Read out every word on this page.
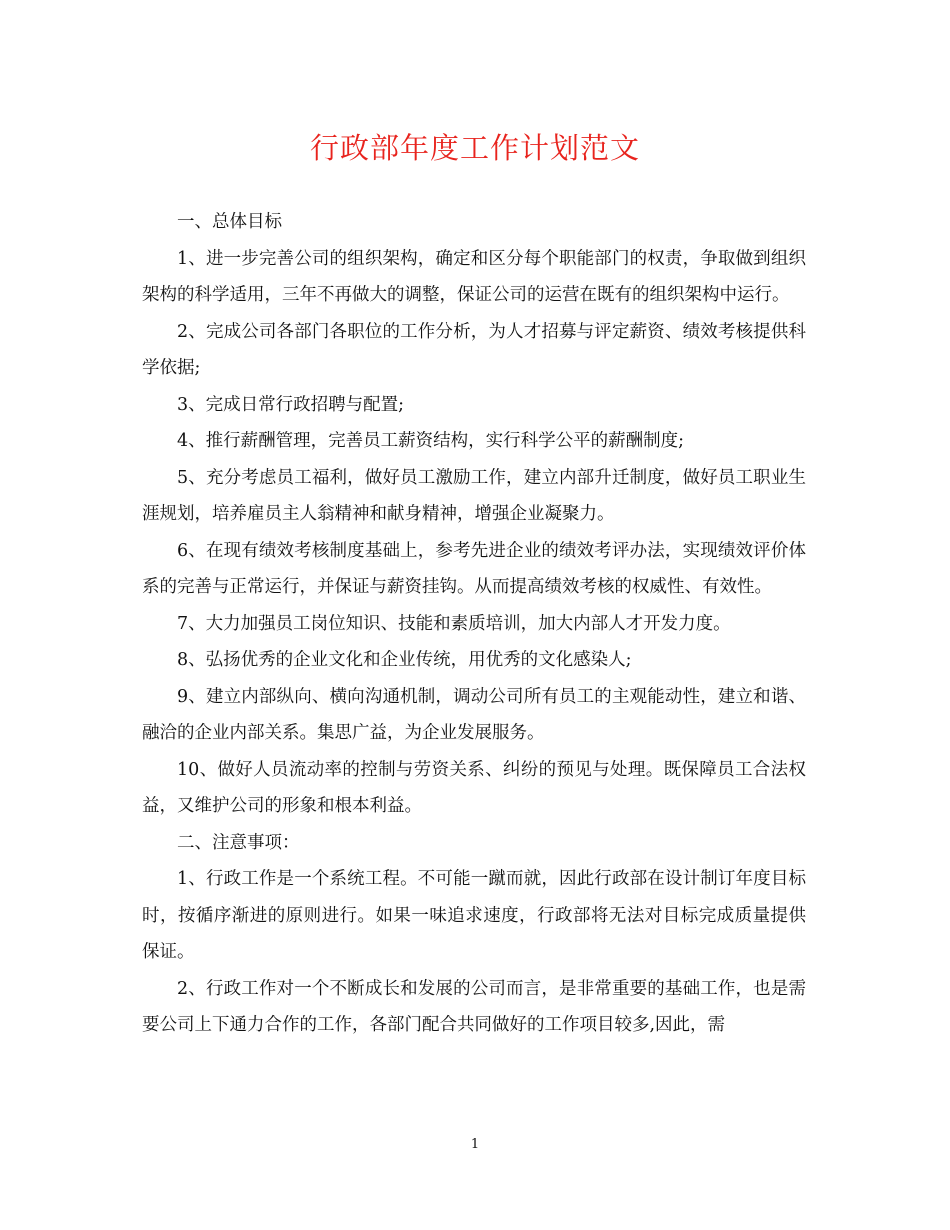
行政部年度工作计划范文

一、总体目标

1、进一步完善公司的组织架构，确定和区分每个职能部门的权责，争取做到组织架构的科学适用，三年不再做大的调整，保证公司的运营在既有的组织架构中运行。

2、完成公司各部门各职位的工作分析，为人才招募与评定薪资、绩效考核提供科学依据;

3、完成日常行政招聘与配置;

4、推行薪酬管理，完善员工薪资结构，实行科学公平的薪酬制度;

5、充分考虑员工福利，做好员工激励工作，建立内部升迁制度，做好员工职业生涯规划，培养雇员主人翁精神和献身精神，增强企业凝聚力。

6、在现有绩效考核制度基础上，参考先进企业的绩效考评办法，实现绩效评价体系的完善与正常运行，并保证与薪资挂钩。从而提高绩效考核的权威性、有效性。

7、大力加强员工岗位知识、技能和素质培训，加大内部人才开发力度。

8、弘扬优秀的企业文化和企业传统，用优秀的文化感染人;

9、建立内部纵向、横向沟通机制，调动公司所有员工的主观能动性，建立和谐、融洽的企业内部关系。集思广益，为企业发展服务。

10、做好人员流动率的控制与劳资关系、纠纷的预见与处理。既保障员工合法权益，又维护公司的形象和根本利益。

二、注意事项：

1、行政工作是一个系统工程。不可能一蹴而就，因此行政部在设计制订年度目标时，按循序渐进的原则进行。如果一味追求速度，行政部将无法对目标完成质量提供保证。

2、行政工作对一个不断成长和发展的公司而言，是非常重要的基础工作，也是需要公司上下通力合作的工作，各部门配合共同做好的工作项目较多,因此，需

1
